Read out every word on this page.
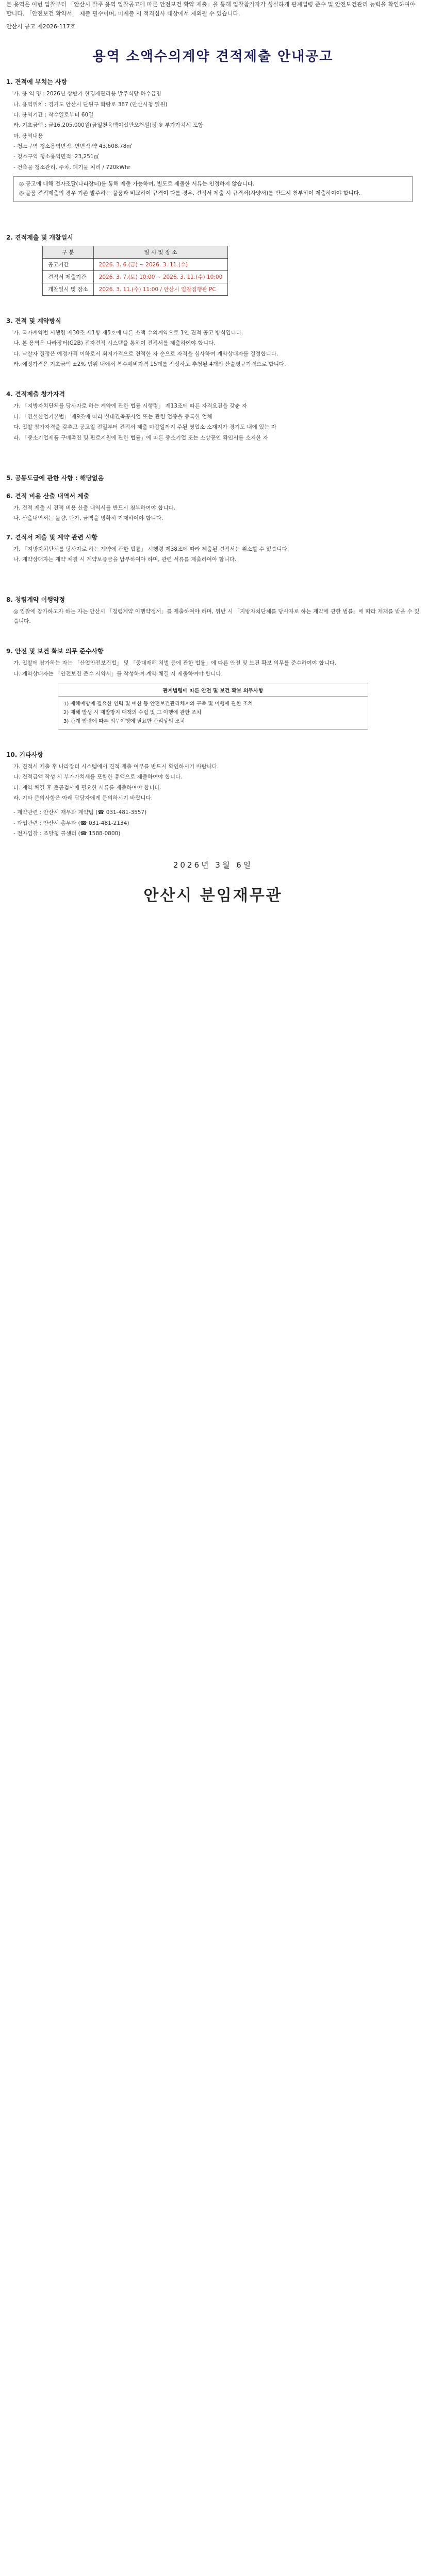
본 용역은 이번 입찰부터 「안산시 발주 용역 입찰공고에 따른 안전보건 확약 제출」을 통해 입찰참가자가 성실하게 관계법령 준수 및 안전보건관리 능력을 확인하여야 합니다. 「안전보건 확약서」 제출 필수이며, 미제출 시 적격심사 대상에서 제외될 수 있습니다.
안산시 공고 제2026-117호
용역 소액수의계약 견적제출 안내공고
1. 견적에 부치는 사항
가. 용 역 명 : 2026년 상반기 한경재관리용 발주식당 하수급명
나. 용역위치 : 경기도 안산시 단원구 화랑로 387 (안산시청 일원)
다. 용역기간 : 착수일로부터 60일
라. 기초금액 : 금16,205,000원(금일천육백이십만오천원)정 ※ 부가가치세 포함
마. 용역내용
- 청소구역 청소용역면적, 연면적 약 43,608.78㎡
- 청소구역 청소용역면적: 23,251㎡
- 건축물 청소관리, 주차, 폐기물 처리 / 720kWhr
◎ 공고에 대해 전자조달(나라장터)를 통해 제출 가능하며, 별도로 제출한 서류는 인정하지 않습니다.
◎ 물품 견적제출의 경우 기존 발주하는 물품과 비교하여 규격이 다를 경우, 견적서 제출 시 규격서(사양서)를 반드시 첨부하여 제출하여야 합니다.
2. 견적제출 및 개찰일시
구 분	일 시 및 장 소
공고기간	2026. 3. 6.(금) ~ 2026. 3. 11.(수)
견적서 제출기간	2026. 3. 7.(토) 10:00 ~ 2026. 3. 11.(수) 10:00
개찰일시 및 장소	2026. 3. 11.(수) 11:00 / 안산시 입찰집행관 PC
3. 견적 및 계약방식
가. 국가계약법 시행령 제30조 제1항 제5호에 따른 소액 수의계약으로 1인 견적 공고 방식입니다.
나. 본 용역은 나라장터(G2B) 전자견적 시스템을 통하여 견적서를 제출하여야 합니다.
다. 낙찰자 결정은 예정가격 이하로서 최저가격으로 견적한 자 순으로 자격을 심사하여 계약상대자를 결정합니다.
라. 예정가격은 기초금액 ±2% 범위 내에서 복수예비가격 15개를 작성하고 추첨된 4개의 산술평균가격으로 합니다.
4. 견적제출 참가자격
가. 「지방자치단체를 당사자로 하는 계약에 관한 법률 시행령」 제13조에 따른 자격요건을 갖춘 자
나. 「건설산업기본법」 제9조에 따라 실내건축공사업 또는 관련 업종을 등록한 업체
다. 입찰 참가자격을 갖추고 공고일 전일부터 견적서 제출 마감일까지 주된 영업소 소재지가 경기도 내에 있는 자
라. 「중소기업제품 구매촉진 및 판로지원에 관한 법률」에 따른 중소기업 또는 소상공인 확인서를 소지한 자
5. 공동도급에 관한 사항 : 해당없음
6. 견적 비용 산출 내역서 제출
가. 견적 제출 시 견적 비용 산출 내역서를 반드시 첨부하여야 합니다.
나. 산출내역서는 물량, 단가, 금액을 명확히 기재하여야 합니다.
7. 견적서 제출 및 계약 관련 사항
가. 「지방자치단체를 당사자로 하는 계약에 관한 법률」 시행령 제38조에 따라 제출된 견적서는 취소할 수 없습니다.
나. 계약상대자는 계약 체결 시 계약보증금을 납부하여야 하며, 관련 서류를 제출하여야 합니다.
8. 청렴계약 이행약정
◎ 입찰에 참가하고자 하는 자는 안산시 「청렴계약 이행약정서」를 제출하여야 하며, 위반 시 「지방자치단체를 당사자로 하는 계약에 관한 법률」에 따라 제재를 받을 수 있습니다.
9. 안전 및 보건 확보 의무 준수사항
가. 입찰에 참가하는 자는 「산업안전보건법」 및 「중대재해 처벌 등에 관한 법률」에 따른 안전 및 보건 확보 의무를 준수하여야 합니다.
나. 계약상대자는 「안전보건 준수 서약서」를 작성하여 계약 체결 시 제출하여야 합니다.
관계법령에 따른 안전 및 보건 확보 의무사항
1) 재해예방에 필요한 인력 및 예산 등 안전보건관리체계의 구축 및 이행에 관한 조치
2) 재해 발생 시 재발방지 대책의 수립 및 그 이행에 관한 조치
3) 관계 법령에 따른 의무이행에 필요한 관리상의 조치
10. 기타사항
가. 견적서 제출 후 나라장터 시스템에서 견적 제출 여부를 반드시 확인하시기 바랍니다.
나. 견적금액 작성 시 부가가치세를 포함한 총액으로 제출하여야 합니다.
다. 계약 체결 후 준공검사에 필요한 서류를 제출하여야 합니다.
라. 기타 문의사항은 아래 담당자에게 문의하시기 바랍니다.
- 계약관련 : 안산시 재무과 계약팀 (☎ 031-481-3557)
- 과업관련 : 안산시 총무과 (☎ 031-481-2134)
- 전자입찰 : 조달청 콜센터 (☎ 1588-0800)
2026년 3월 6일
안산시 분임재무관
